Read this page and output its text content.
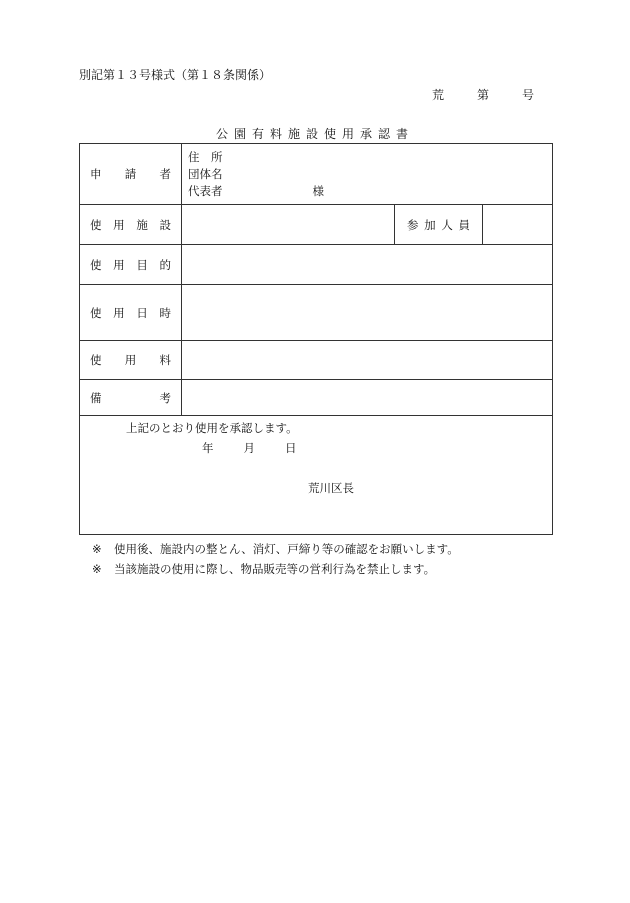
別記第１３号様式（第１８条関係）
荒	第	号
公園有料施設使用承認書
申 請 者	住　所
団体名
代表者 様		

使 用 施 設		参 加 人 員	

使 用 目 的			

使 用 日 時			

使 用 料			

備 考			

上記のとおり使用を承認します。
年 月 日
荒川区長			
※ 使用後、施設内の整とん、消灯、戸締り等の確認をお願いします。
※ 当該施設の使用に際し、物品販売等の営利行為を禁止します。
